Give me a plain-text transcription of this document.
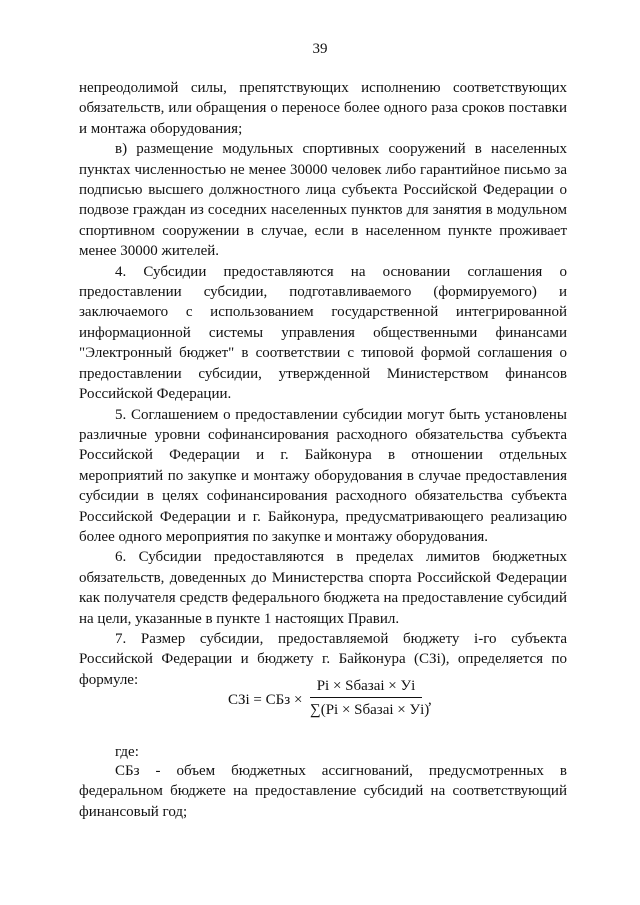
39

непреодолимой силы, препятствующих исполнению соответствующих обязательств, или обращения о переносе более одного раза сроков поставки и монтажа оборудования;

в) размещение модульных спортивных сооружений в населенных пунктах численностью не менее 30000 человек либо гарантийное письмо за подписью высшего должностного лица субъекта Российской Федерации о подвозе граждан из соседних населенных пунктов для занятия в модульном спортивном сооружении в случае, если в населенном пункте проживает менее 30000 жителей.

4. Субсидии предоставляются на основании соглашения о предоставлении субсидии, подготавливаемого (формируемого) и заключаемого с использованием государственной интегрированной информационной системы управления общественными финансами "Электронный бюджет" в соответствии с типовой формой соглашения о предоставлении субсидии, утвержденной Министерством финансов Российской Федерации.

5. Соглашением о предоставлении субсидии могут быть установлены различные уровни софинансирования расходного обязательства субъекта Российской Федерации и г. Байконура в отношении отдельных мероприятий по закупке и монтажу оборудования в случае предоставления субсидии в целях софинансирования расходного обязательства субъекта Российской Федерации и г. Байконура, предусматривающего реализацию более одного мероприятия по закупке и монтажу оборудования.

6. Субсидии предоставляются в пределах лимитов бюджетных обязательств, доведенных до Министерства спорта Российской Федерации как получателя средств федерального бюджета на предоставление субсидий на цели, указанные в пункте 1 настоящих Правил.

7. Размер субсидии, предоставляемой бюджету i-го субъекта Российской Федерации и бюджету г. Байконура (СЗi), определяется по формуле:

СЗi = СБз ×
Pi × Sбазаi × Уi
∑(Pi × Sбазаi × Уi)
,
где:

СБз - объем бюджетных ассигнований, предусмотренных в федеральном бюджете на предоставление субсидий на соответствующий финансовый год;
